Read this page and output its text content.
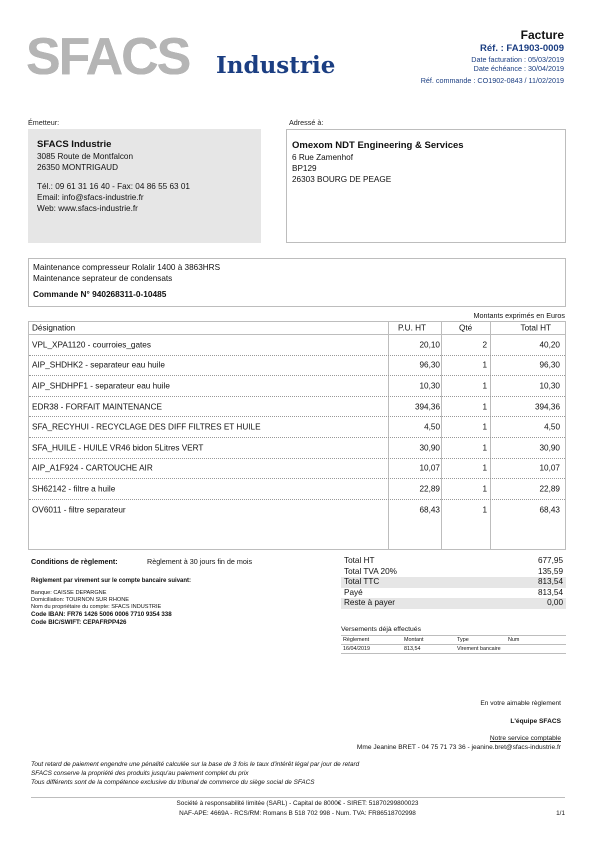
SFACS Industrie
Facture
Réf. : FA1903-0009
Date facturation : 05/03/2019
Date échéance : 30/04/2019
Réf. commande : CO1902-0843 / 11/02/2019
Émetteur:
SFACS Industrie
3085 Route de Montfalcon
26350 MONTRIGAUD
Tél.: 09 61 31 16 40 - Fax: 04 86 55 63 01
Email: info@sfacs-industrie.fr
Web: www.sfacs-industrie.fr
Adressé à:
Omexom NDT Engineering & Services
6 Rue Zamenhof
BP129
26303 BOURG DE PEAGE
Maintenance compresseur Rolalir 1400 à 3863HRS
Maintenance seprateur de condensats
Commande N° 940268311-0-10485
Montants exprimés en Euros
Désignation	P.U. HT	Qté	Total HT
VPL_XPA1120 - courroies_gates	20,10	2	40,20
AIP_SHDHK2 - separateur eau huile	96,30	1	96,30
AIP_SHDHPF1 - separateur eau huile	10,30	1	10,30
EDR38 - FORFAIT MAINTENANCE	394,36	1	394,36
SFA_RECYHUI - RECYCLAGE DES DIFF FILTRES ET HUILE	4,50	1	4,50
SFA_HUILE - HUILE VR46 bidon 5Litres VERT	30,90	1	30,90
AIP_A1F924 - CARTOUCHE AIR	10,07	1	10,07
SH62142 - filtre a huile	22,89	1	22,89
OV6011 - filtre separateur	68,43	1	68,43
Conditions de règlement:	Règlement à 30 jours fin de mois
Règlement par virement sur le compte bancaire suivant:
Banque: CAISSE DEPARGNE
Domiciliation: TOURNON SUR RHONE
Nom du propriétaire du compte: SFACS INDUSTRIE
Code IBAN: FR76 1426 5006 0006 7710 9354 338
Code BIC/SWIFT: CEPAFRPP426
Total HT	677,95
Total TVA 20%	135,59
Total TTC	813,54
Payé	813,54
Reste à payer	0,00
Versements déjà effectués
Règlement	Montant	Type	Num
16/04/2019	813,54	Virement bancaire
En votre aimable règlement
L'équipe SFACS
Notre service comptable
Mme Jeanine BRET - 04 75 71 73 36 - jeanine.bret@sfacs-industrie.fr
Tout retard de paiement engendre une pénalité calculée sur la base de 3 fois le taux d'intérêt légal par jour de retard
SFACS conserve la propriété des produits jusqu'au paiement complet du prix
Tous différents sont de la compétence exclusive du tribunal de commerce du siège social de SFACS
Société à responsabilité limitée (SARL) - Capital de 8000€ - SIRET: 51870299800023
NAF-APE: 4669A - RCS/RM: Romans B 518 702 998 - Num. TVA: FR86518702998	1/1
